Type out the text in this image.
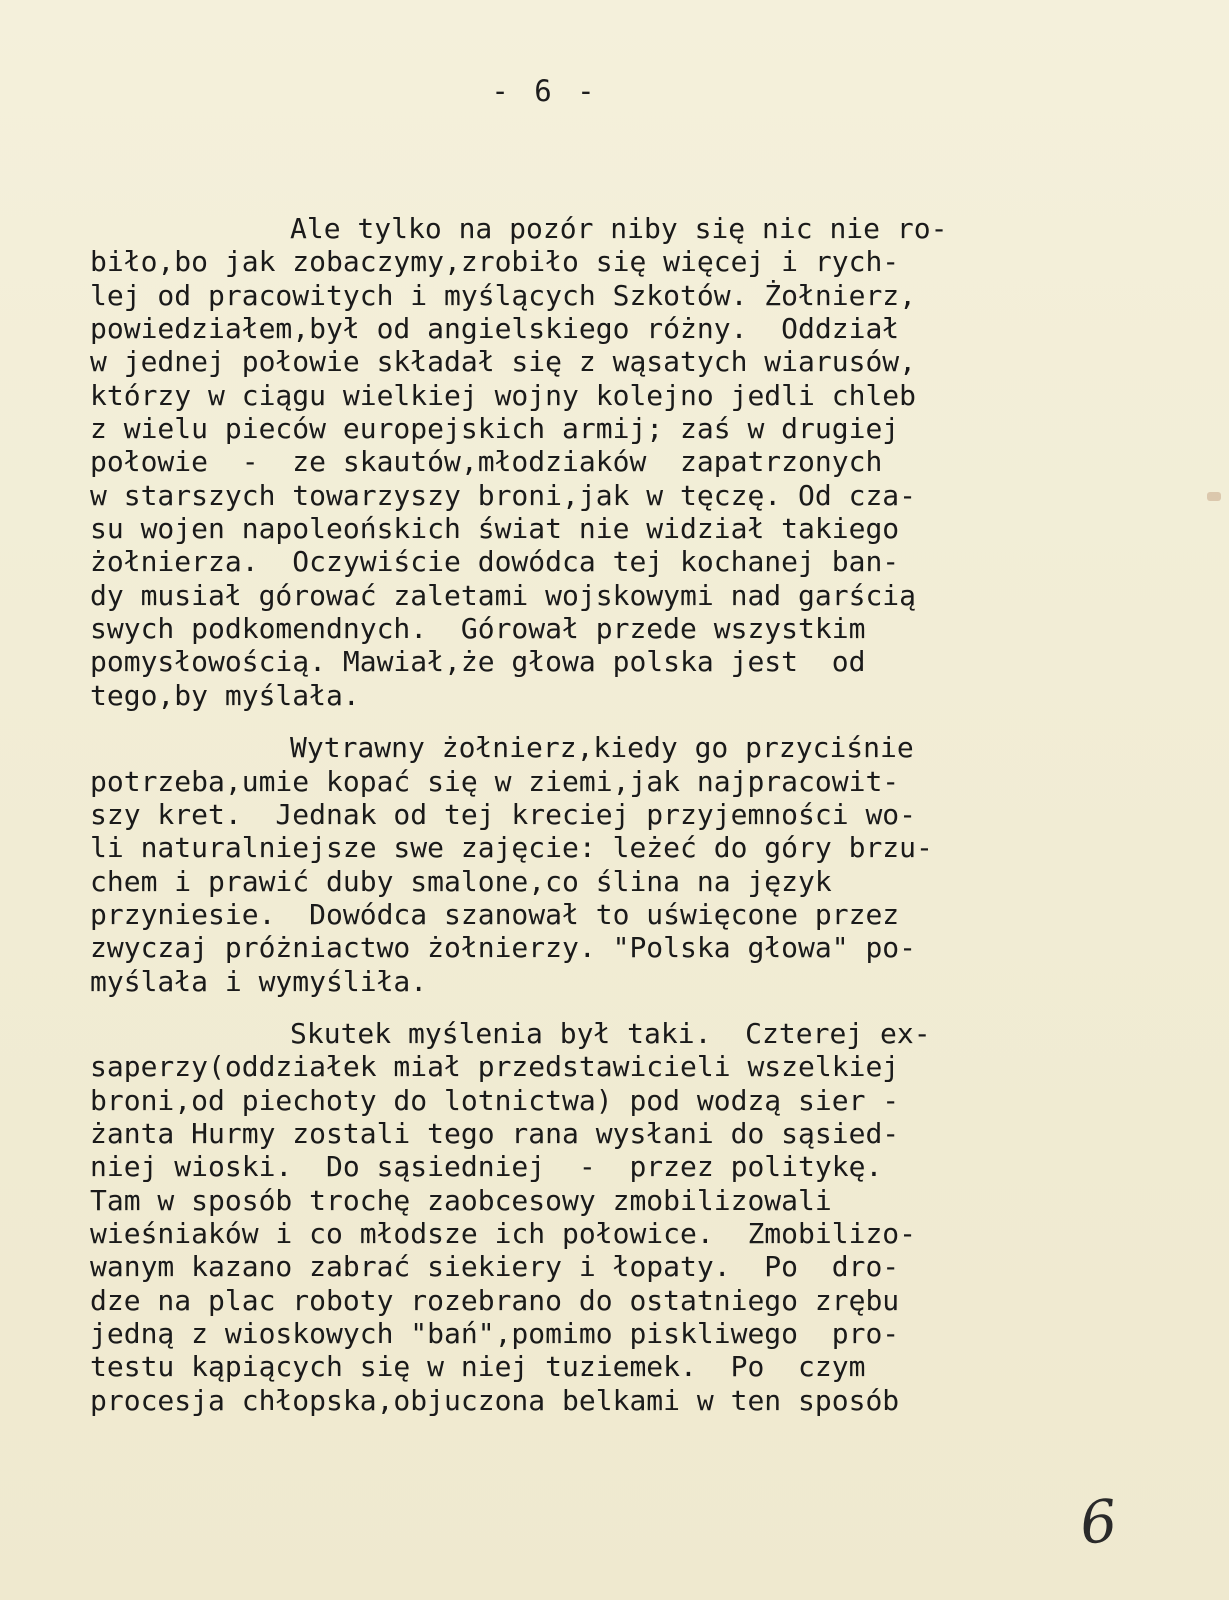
- 6 -

Ale tylko na pozór niby się nic nie ro-
biło,bo jak zobaczymy,zrobiło się więcej i rych-
lej od pracowitych i myślących Szkotów. Żołnierz,
powiedziałem,był od angielskiego różny.  Oddział
w jednej połowie składał się z wąsatych wiarusów,
którzy w ciągu wielkiej wojny kolejno jedli chleb
z wielu pieców europejskich armij; zaś w drugiej
połowie  -  ze skautów,młodziaków  zapatrzonych
w starszych towarzyszy broni,jak w tęczę. Od cza-
su wojen napoleońskich świat nie widział takiego
żołnierza.  Oczywiście dowódca tej kochanej ban-
dy musiał górować zaletami wojskowymi nad garścią
swych podkomendnych.  Górował przede wszystkim
pomysłowością. Mawiał,że głowa polska jest  od
tego,by myślała.

Wytrawny żołnierz,kiedy go przyciśnie
potrzeba,umie kopać się w ziemi,jak najpracowit-
szy kret.  Jednak od tej kreciej przyjemności wo-
li naturalniejsze swe zajęcie: leżeć do góry brzu-
chem i prawić duby smalone,co ślina na język
przyniesie.  Dowódca szanował to uświęcone przez
zwyczaj próżniactwo żołnierzy. "Polska głowa" po-
myślała i wymyśliła.

Skutek myślenia był taki.  Czterej ex-
saperzy(oddziałek miał przedstawicieli wszelkiej
broni,od piechoty do lotnictwa) pod wodzą sier -
żanta Hurmy zostali tego rana wysłani do sąsied-
niej wioski.  Do sąsiedniej  -  przez politykę.
Tam w sposób trochę zaobcesowy zmobilizowali
wieśniaków i co młodsze ich połowice.  Zmobilizo-
wanym kazano zabrać siekiery i łopaty.  Po  dro-
dze na plac roboty rozebrano do ostatniego zrębu
jedną z wioskowych "bań",pomimo piskliwego  pro-
testu kąpiących się w niej tuziemek.  Po  czym
procesja chłopska,objuczona belkami w ten sposób

6
